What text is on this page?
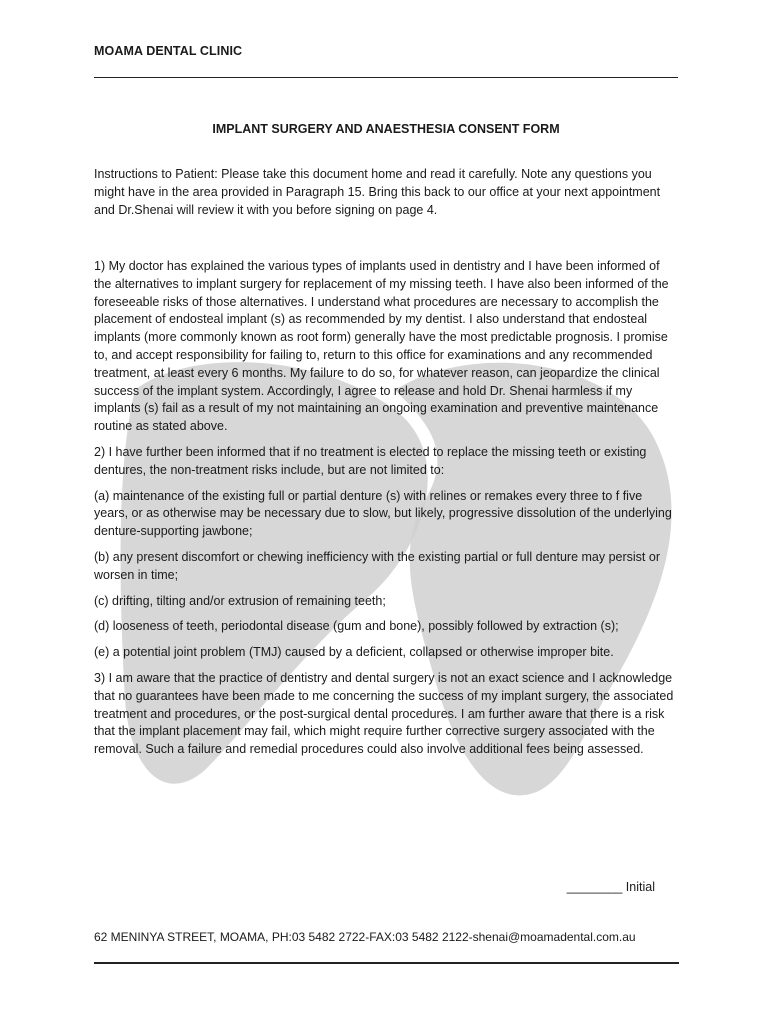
MOAMA DENTAL CLINIC
IMPLANT SURGERY AND ANAESTHESIA CONSENT FORM

Instructions to Patient: Please take this document home and read it carefully. Note any questions you might have in the area provided in Paragraph 15. Bring this back to our office at your next appointment and Dr.Shenai will review it with you before signing on page 4.

1) My doctor has explained the various types of implants used in dentistry and I have been informed of the alternatives to implant surgery for replacement of my missing teeth. I have also been informed of the foreseeable risks of those alternatives. I understand what procedures are necessary to accomplish the placement of endosteal implant (s) as recommended by my dentist. I also understand that endosteal implants (more commonly known as root form) generally have the most predictable prognosis. I promise to, and accept responsibility for failing to, return to this office for examinations and any recommended treatment, at least every 6 months. My failure to do so, for whatever reason, can jeopardize the clinical success of the implant system. Accordingly, I agree to release and hold Dr. Shenai harmless if my implants (s) fail as a result of my not maintaining an ongoing examination and preventive maintenance routine as stated above.

2) I have further been informed that if no treatment is elected to replace the missing teeth or existing dentures, the non-treatment risks include, but are not limited to:

(a) maintenance of the existing full or partial denture (s) with relines or remakes every three to f five years, or as otherwise may be necessary due to slow, but likely, progressive dissolution of the underlying denture-supporting jawbone;

(b) any present discomfort or chewing inefficiency with the existing partial or full denture may persist or worsen in time;

(c) drifting, tilting and/or extrusion of remaining teeth;

(d) looseness of teeth, periodontal disease (gum and bone), possibly followed by extraction (s);

(e) a potential joint problem (TMJ) caused by a deficient, collapsed or otherwise improper bite.

3) I am aware that the practice of dentistry and dental surgery is not an exact science and I acknowledge that no guarantees have been made to me concerning the success of my implant surgery, the associated treatment and procedures, or the post-surgical dental procedures. I am further aware that there is a risk that the implant placement may fail, which might require further corrective surgery associated with the removal. Such a failure and remedial procedures could also involve additional fees being assessed.

________ Initial
62 MENINYA STREET, MOAMA, PH:03 5482 2722-FAX:03 5482 2122-shenai@moamadental.com.au
